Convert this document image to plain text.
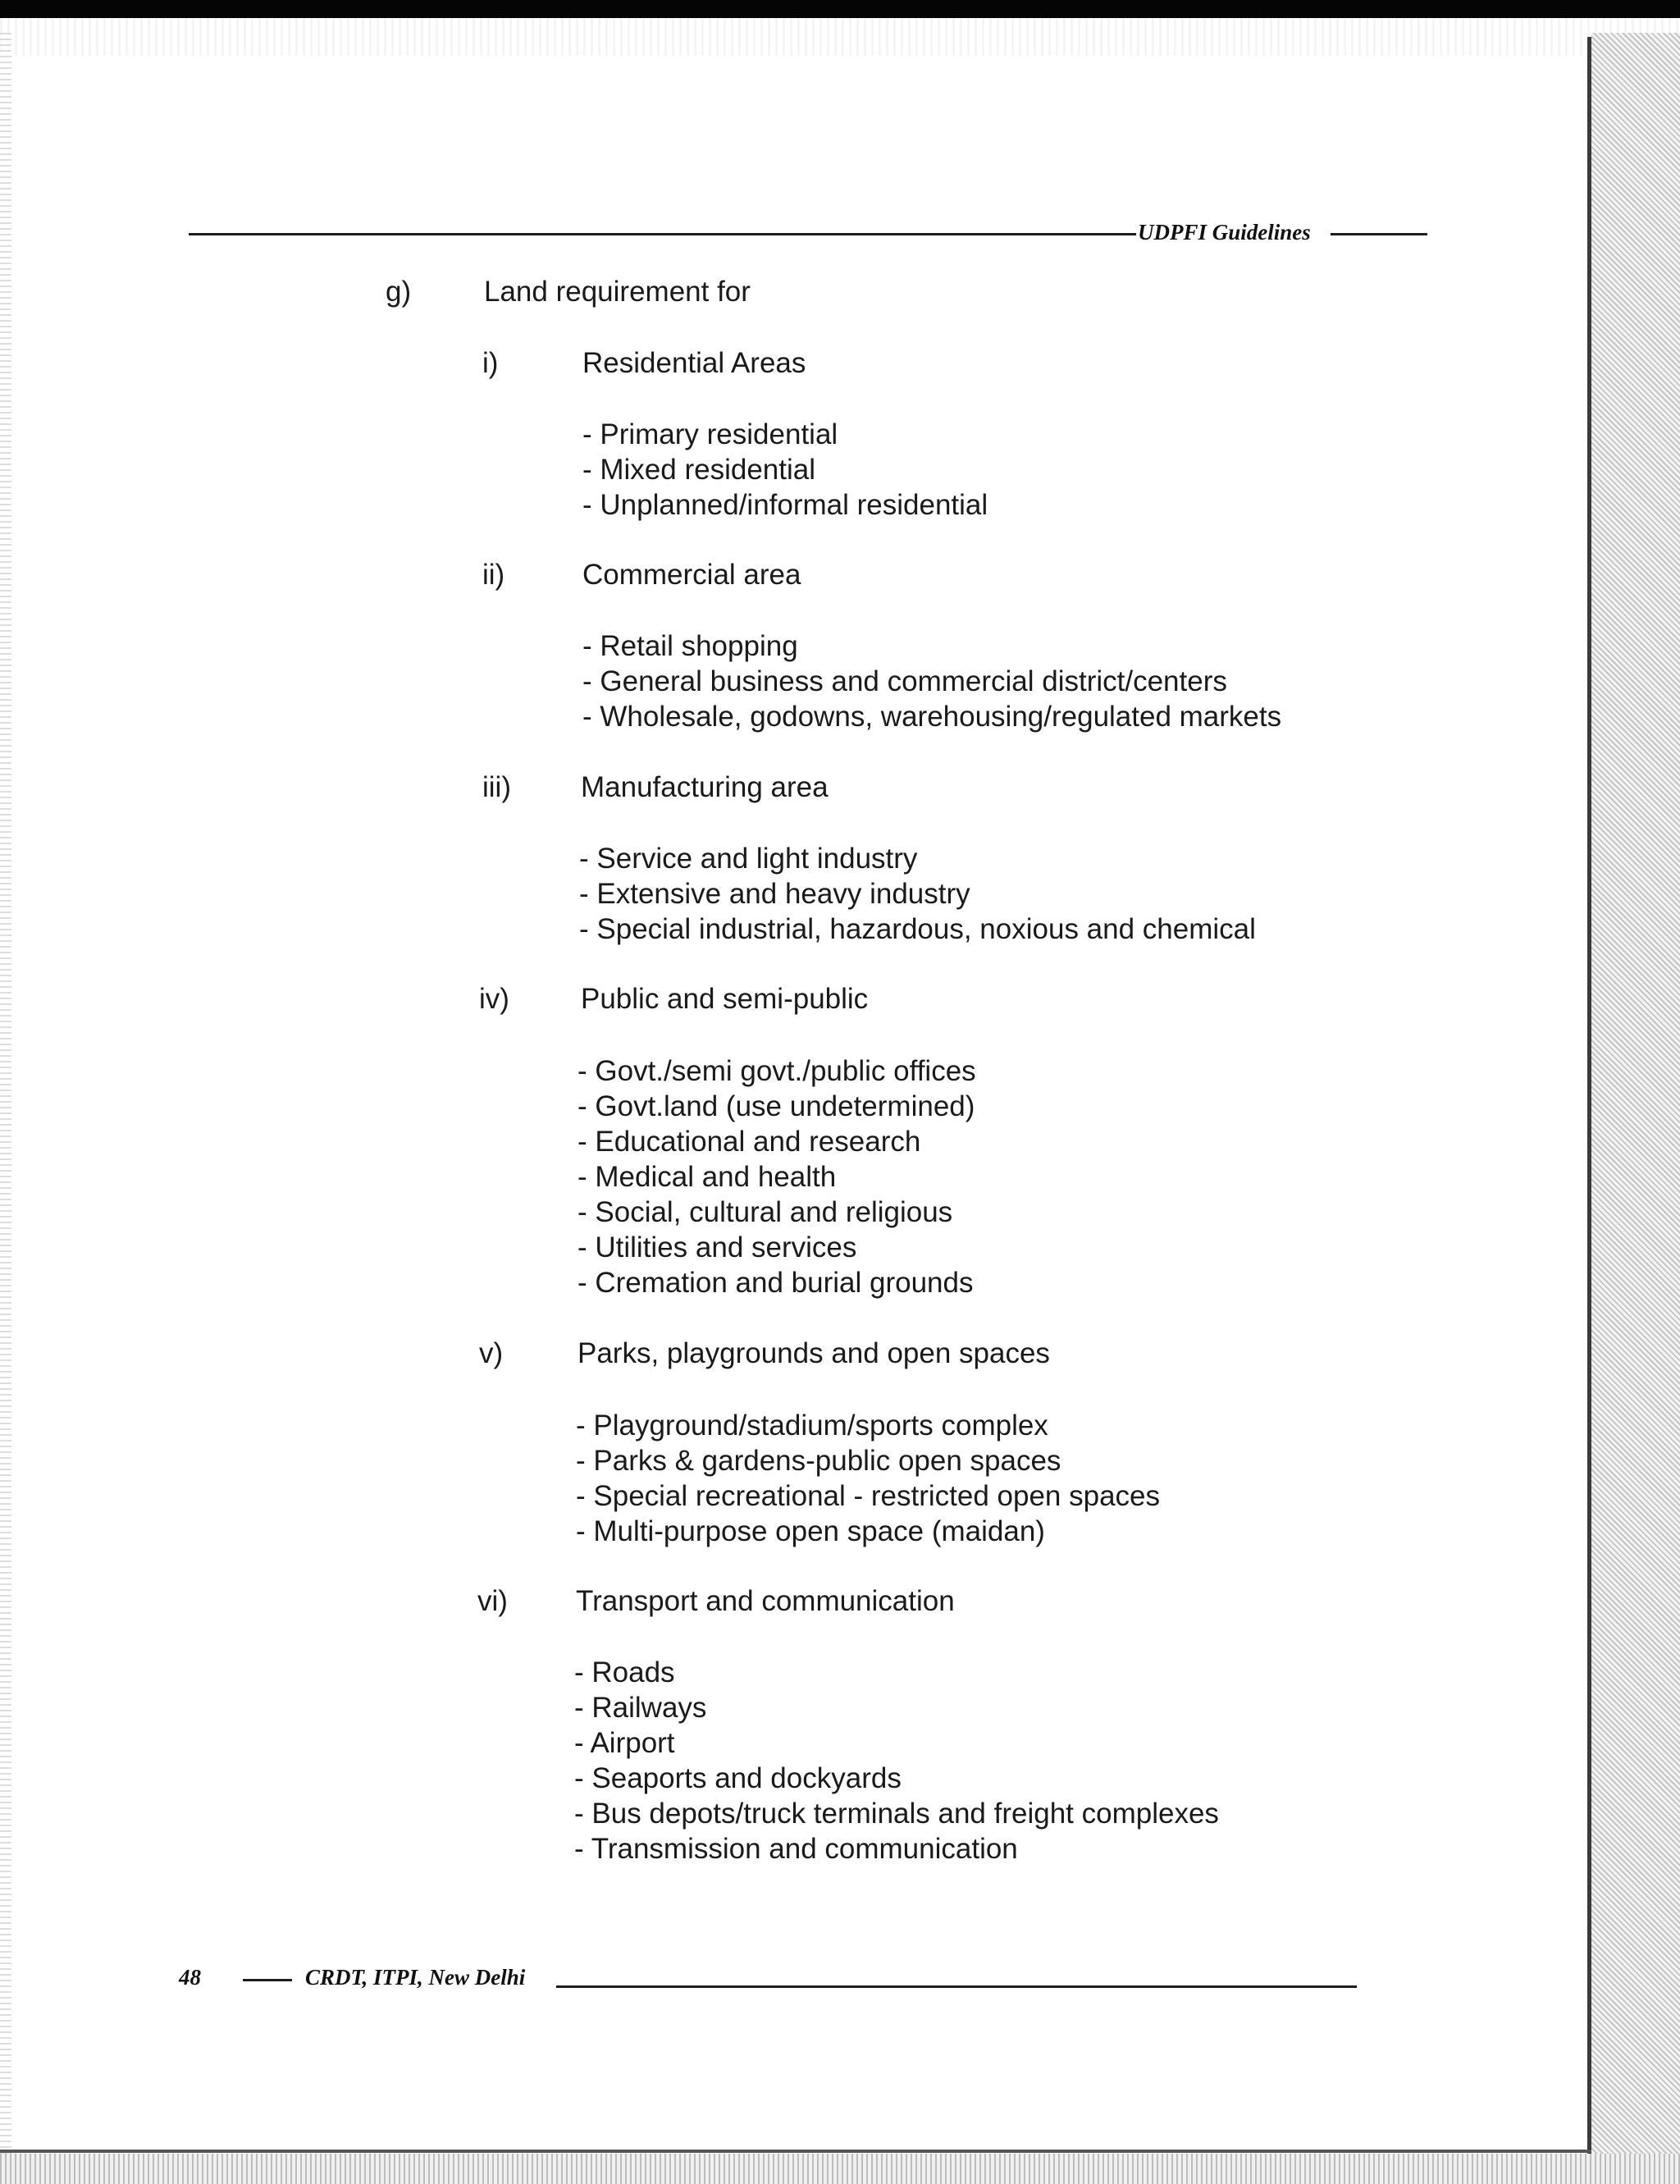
UDPFI Guidelines
g)	Land requirement for
i)	Residential Areas
- Primary residential
- Mixed residential
- Unplanned/informal residential
ii)	Commercial area
- Retail shopping
- General business and commercial district/centers
- Wholesale, godowns, warehousing/regulated markets
iii) Manufacturing area
- Service and light industry
- Extensive and heavy industry
- Special industrial, hazardous, noxious and chemical
iv) Public and semi-public
- Govt./semi govt./public offices
- Govt.land (use undetermined)
- Educational and research
- Medical and health
- Social, cultural and religious
- Utilities and services
- Cremation and burial grounds
v)	Parks, playgrounds and open spaces
- Playground/stadium/sports complex
- Parks & gardens-public open spaces
- Special recreational - restricted open spaces
- Multi-purpose open space (maidan)
vi) Transport and communication
- Roads
- Railways
- Airport
- Seaports and dockyards
- Bus depots/truck terminals and freight complexes
- Transmission and communication
48	CRDT, ITPI, New Delhi
